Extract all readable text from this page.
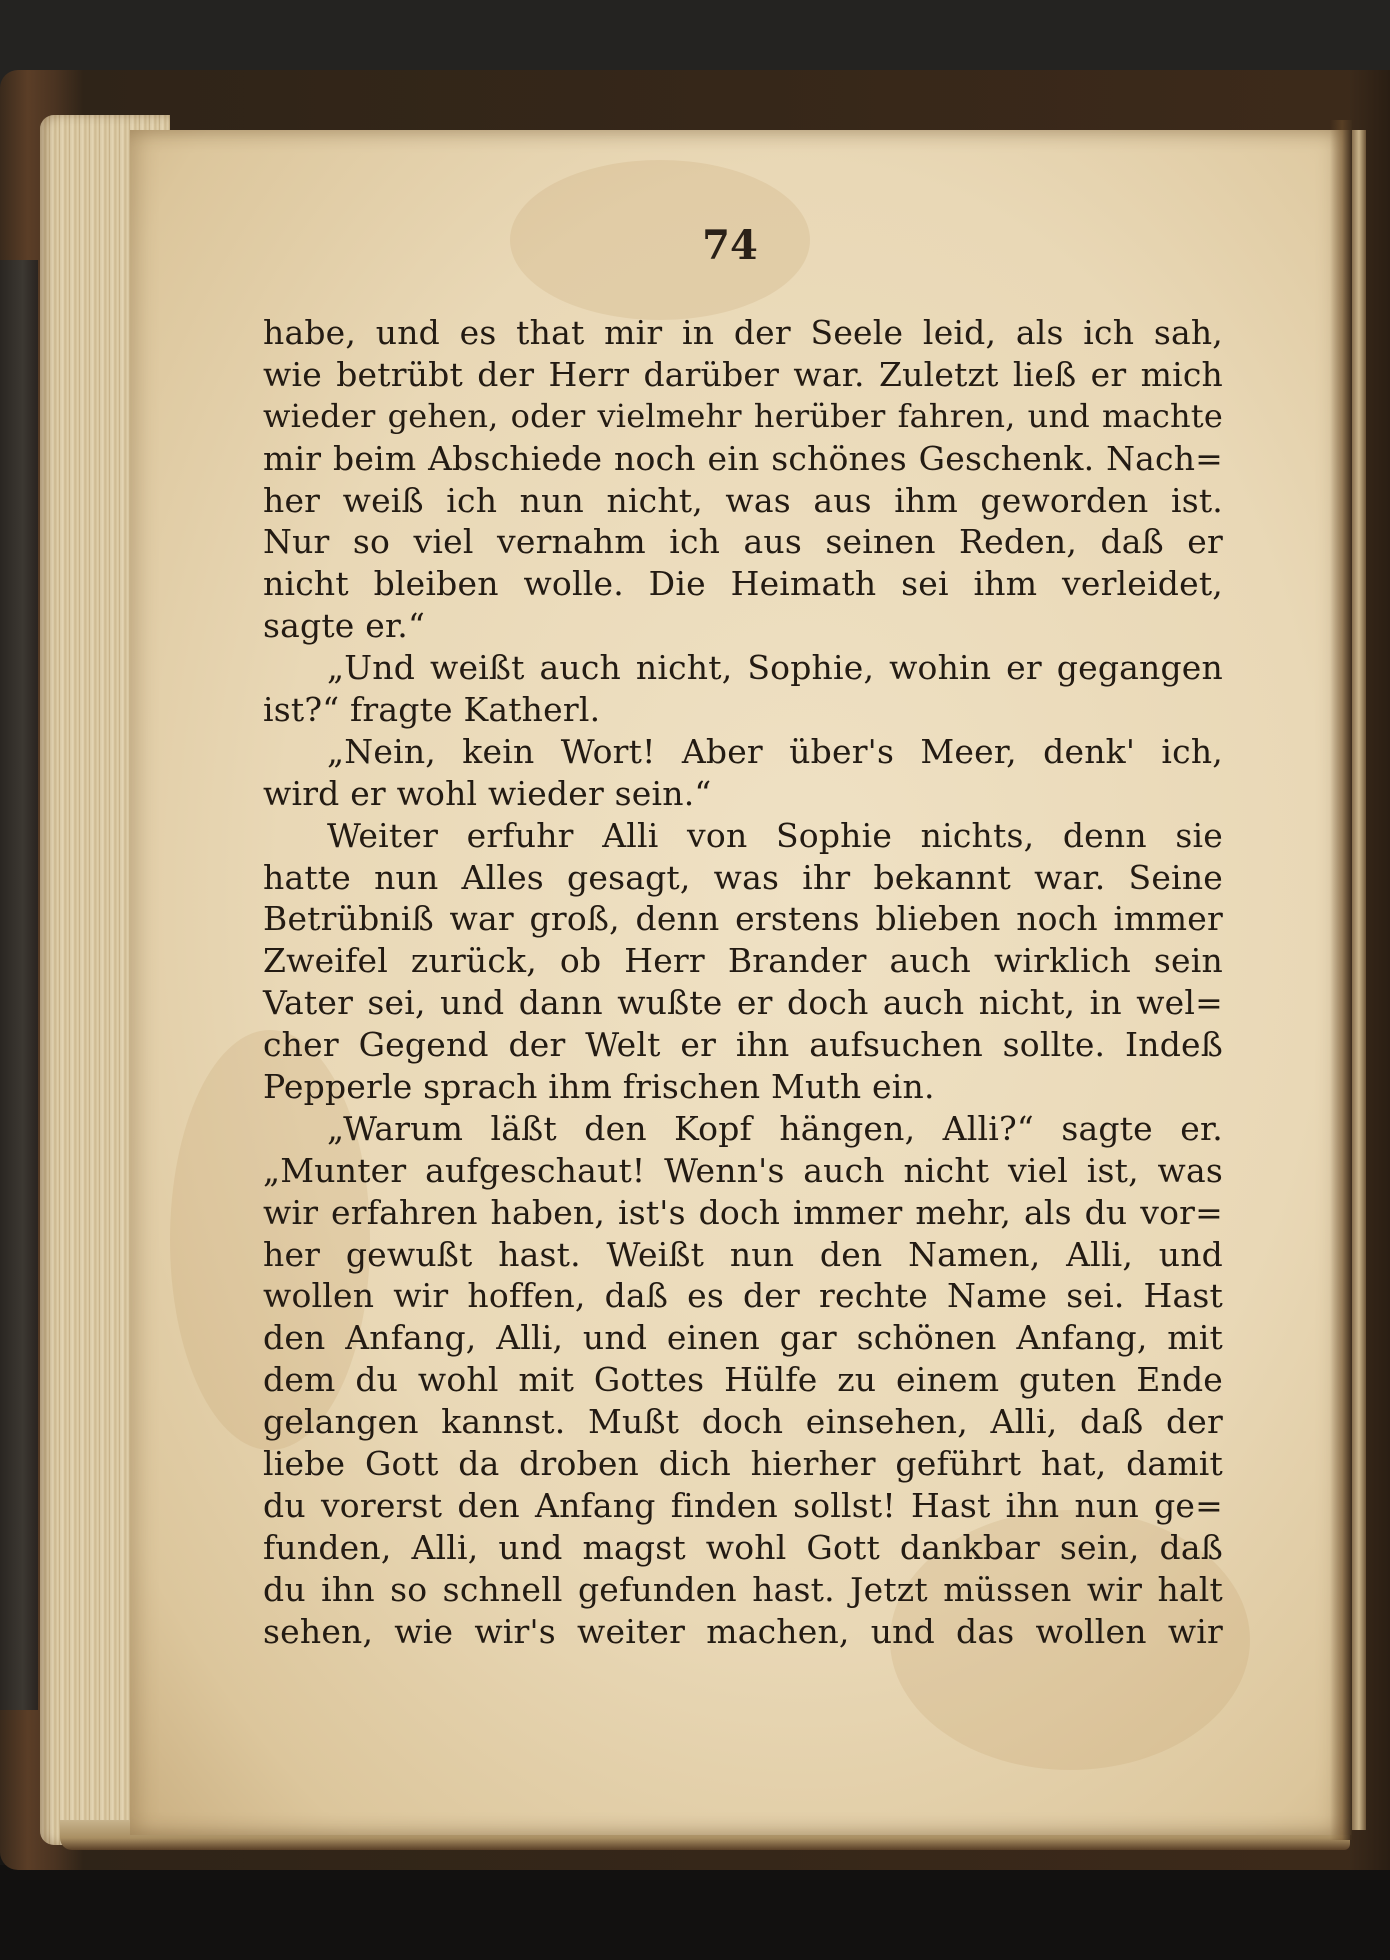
74
habe, und es that mir in der Seele leid, als ich sah,
wie betrübt der Herr darüber war. Zuletzt ließ er mich
wieder gehen, oder vielmehr herüber fahren, und machte
mir beim Abschiede noch ein schönes Geschenk. Nach=
her weiß ich nun nicht, was aus ihm geworden ist.
Nur so viel vernahm ich aus seinen Reden, daß er
nicht bleiben wolle. Die Heimath sei ihm verleidet,
sagte er.“
„Und weißt auch nicht, Sophie, wohin er gegangen
ist?“ fragte Katherl.
„Nein, kein Wort! Aber über's Meer, denk' ich,
wird er wohl wieder sein.“
Weiter erfuhr Alli von Sophie nichts, denn sie
hatte nun Alles gesagt, was ihr bekannt war. Seine
Betrübniß war groß, denn erstens blieben noch immer
Zweifel zurück, ob Herr Brander auch wirklich sein
Vater sei, und dann wußte er doch auch nicht, in wel=
cher Gegend der Welt er ihn aufsuchen sollte. Indeß
Pepperle sprach ihm frischen Muth ein.
„Warum läßt den Kopf hängen, Alli?“ sagte er.
„Munter aufgeschaut! Wenn's auch nicht viel ist, was
wir erfahren haben, ist's doch immer mehr, als du vor=
her gewußt hast. Weißt nun den Namen, Alli, und
wollen wir hoffen, daß es der rechte Name sei. Hast
den Anfang, Alli, und einen gar schönen Anfang, mit
dem du wohl mit Gottes Hülfe zu einem guten Ende
gelangen kannst. Mußt doch einsehen, Alli, daß der
liebe Gott da droben dich hierher geführt hat, damit
du vorerst den Anfang finden sollst! Hast ihn nun ge=
funden, Alli, und magst wohl Gott dankbar sein, daß
du ihn so schnell gefunden hast. Jetzt müssen wir halt
sehen, wie wir's weiter machen, und das wollen wir
